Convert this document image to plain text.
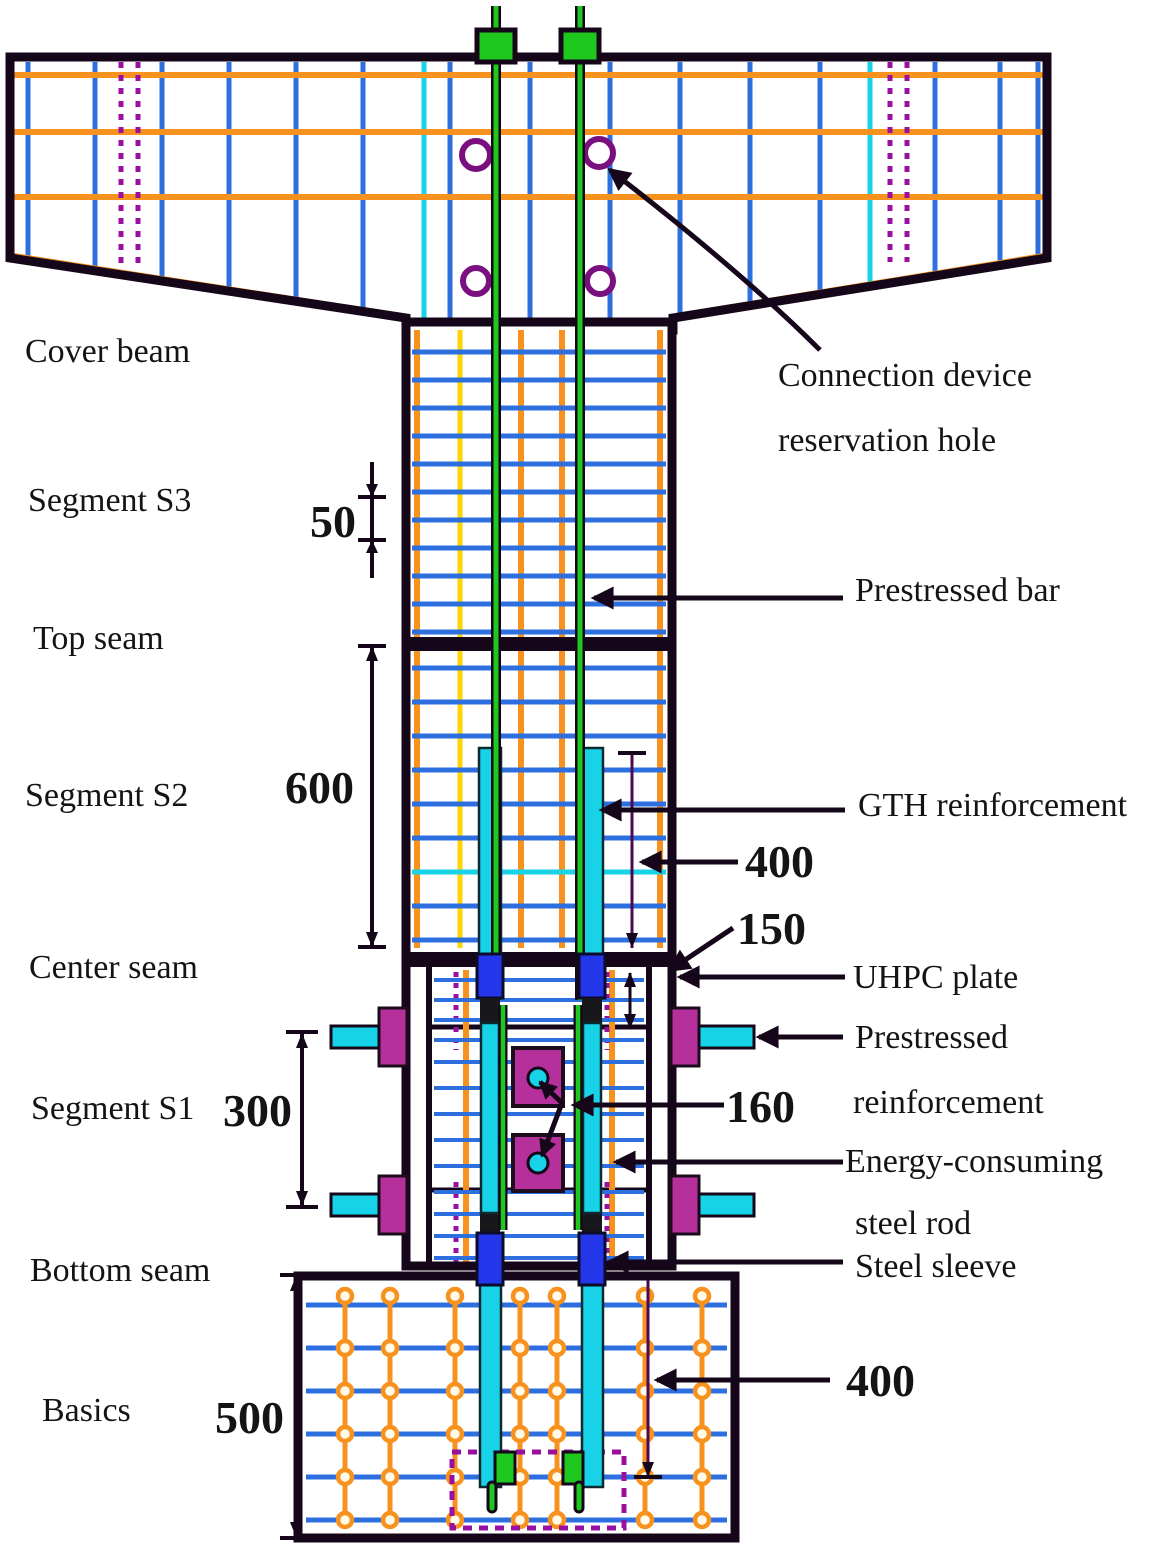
Cover beam
Segment S3
Top seam
Segment S2
Center seam
Segment S1
Bottom seam
Basics
50
600
300
500
400
150
160
400
Connection device
reservation hole
Prestressed bar
GTH reinforcement
UHPC plate
Prestressed
reinforcement
Energy-consuming
steel rod
Steel sleeve
